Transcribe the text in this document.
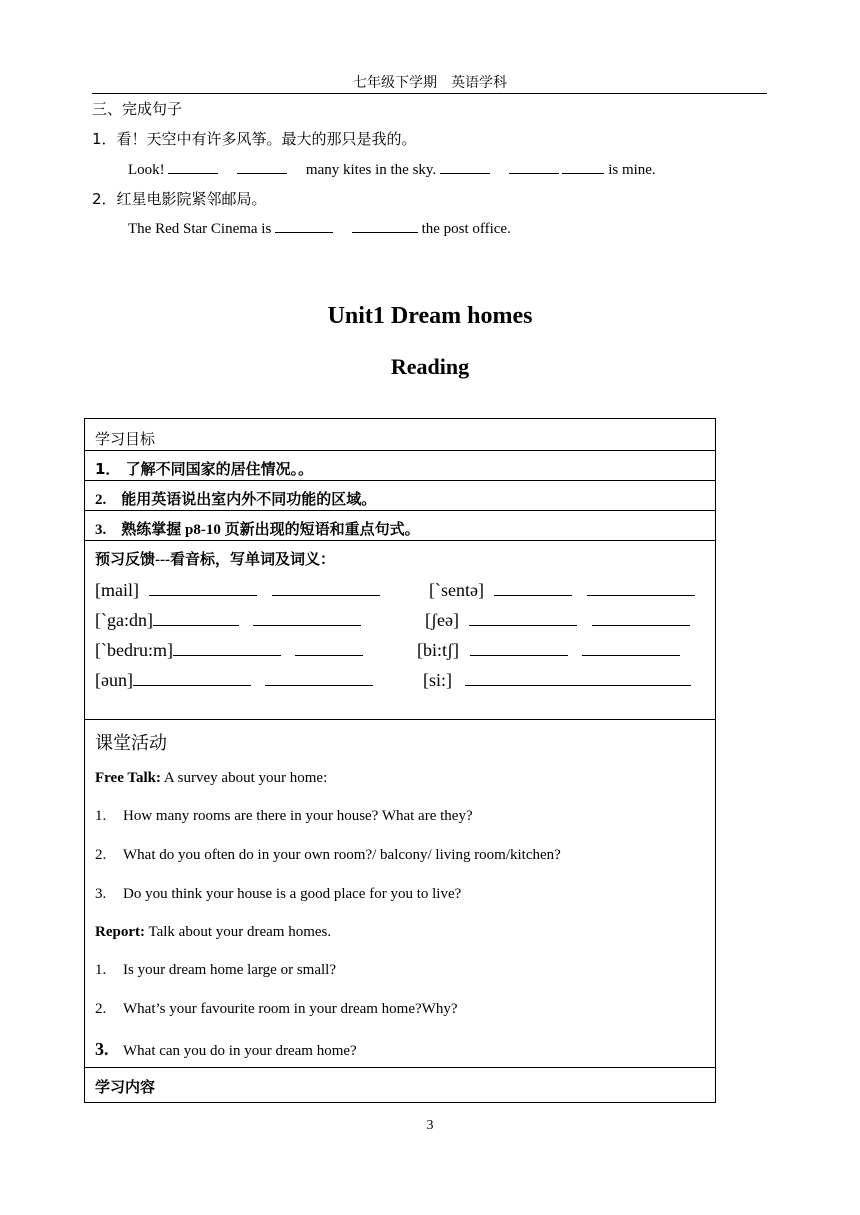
七年级下学期　英语学科
三、完成句子
1．看！天空中有许多风筝。最大的那只是我的。
Look!	many kites in the sky.	is mine.
2．红星电影院紧邻邮局。
The Red Star Cinema is	the post office.
Unit1 Dream homes
Reading
学习目标
1． 了解不同国家的居住情况。。
2. 能用英语说出室内外不同功能的区域。
3. 熟练掌握 p8-10 页新出现的短语和重点句式。
预习反馈---看音标，写单词及词义：
[mail]	[`sentə]
[`ga:dn]	[ʃeə]
[`bedru:m]	[bi:tʃ]
[əun]	[si:]
课堂活动
Free Talk: A survey about your home:
1. How many rooms are there in your house? What are they?
2. What do you often do in your own room?/ balcony/ living room/kitchen?
3. Do you think your house is a good place for you to live?
Report: Talk about your dream homes.
1. Is your dream home large or small?
2. What’s your favourite room in your dream home?Why?
3. What can you do in your dream home?
学习内容
3
